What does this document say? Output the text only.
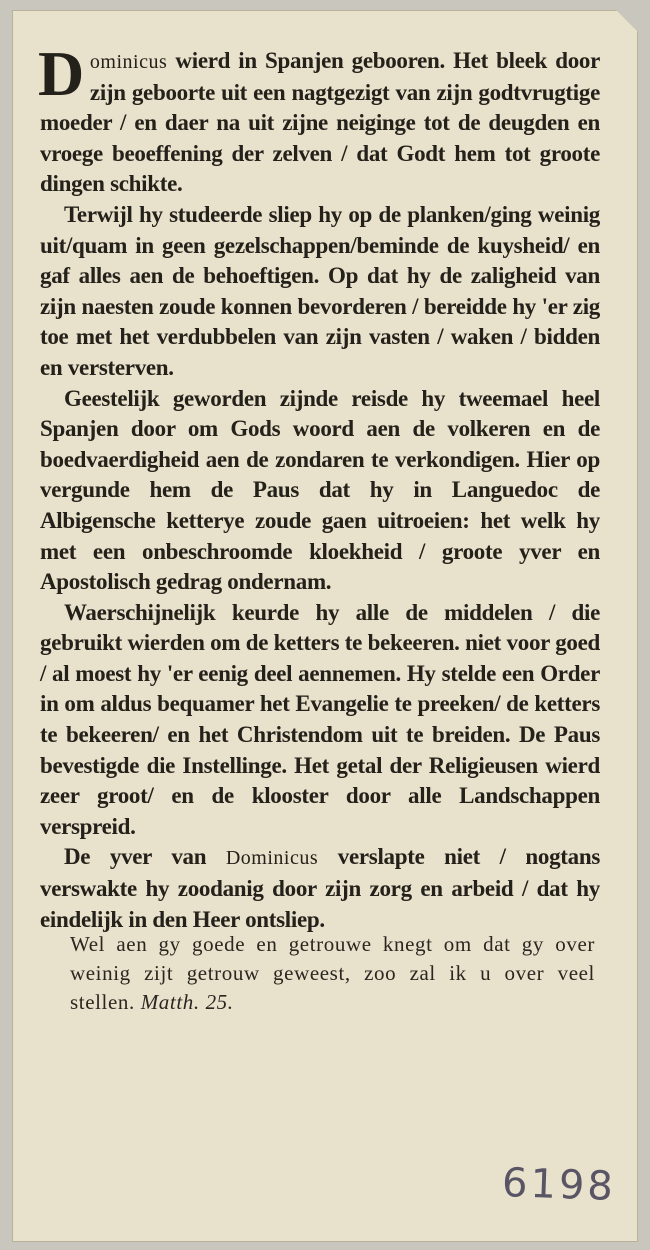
Dominicus wierd in Spanjen gebooren. Het bleek door zijn geboorte uit een nagtgezigt van zijn godtvrugtige moeder / en daer na uit zijne neiginge tot de deugden en vroege beoeffening der zelven / dat Godt hem tot groote dingen schikte.

Terwijl hy studeerde sliep hy op de planken/ging weinig uit/quam in geen gezelschappen/beminde de kuysheid/ en gaf alles aen de behoeftigen. Op dat hy de zaligheid van zijn naesten zoude konnen bevorderen / bereidde hy 'er zig toe met het verdubbelen van zijn vasten / waken / bidden en versterven.

Geestelijk geworden zijnde reisde hy tweemael heel Spanjen door om Gods woord aen de volkeren en de boedvaerdigheid aen de zondaren te verkondigen. Hier op vergunde hem de Paus dat hy in Languedoc de Albigensche ketterye zoude gaen uitroeien: het welk hy met een onbeschroomde kloekheid / groote yver en Apostolisch gedrag ondernam.

Waerschijnelijk keurde hy alle de middelen / die gebruikt wierden om de ketters te bekeeren. niet voor goed / al moest hy 'er eenig deel aennemen. Hy stelde een Order in om aldus bequamer het Evangelie te preeken/ de ketters te bekeeren/ en het Christendom uit te breiden. De Paus bevestigde die Instellinge. Het getal der Religieusen wierd zeer groot/ en de klooster door alle Landschappen verspreid.

De yver van Dominicus verslapte niet / nogtans verswakte hy zoodanig door zijn zorg en arbeid / dat hy eindelijk in den Heer ontsliep.

Wel aen gy goede en getrouwe knegt om dat gy over weinig zijt getrouw geweest, zoo zal ik u over veel stellen. Matth. 25.
6198
